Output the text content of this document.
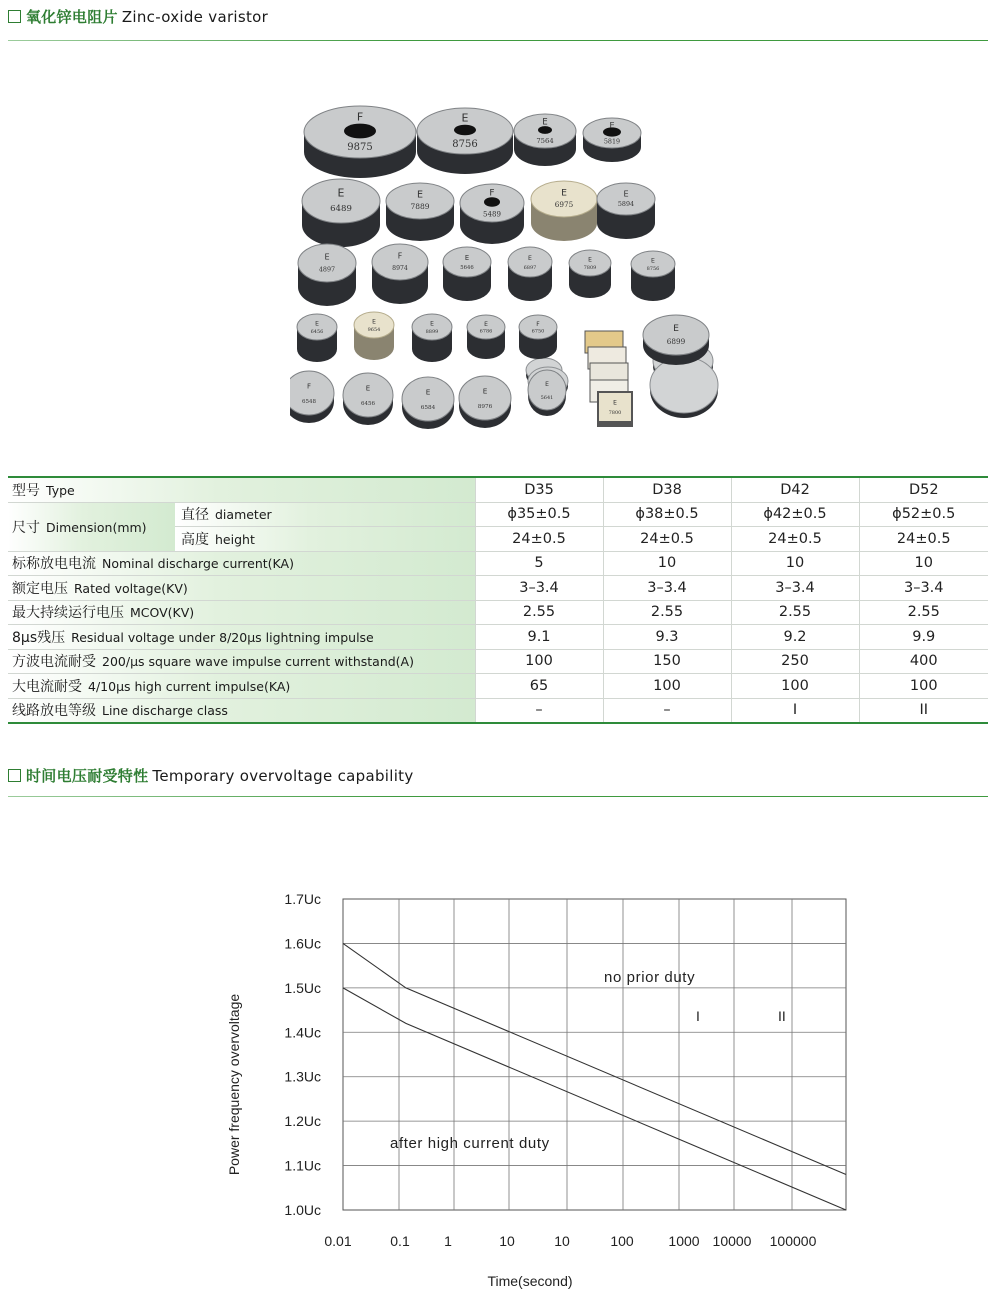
氧化锌电阻片 Zinc-oxide varistor
F
9875
E
8756
E
7564
E
5819
E
6489
E
7889
F
5489
E
6975
E
5894
E
4897
F
8974
E
5646
E
6897
E
7809
E
8756
E
6456
E
9654
E
8899
E
6786
F
6750	E
6899
F
6548
E
6456
E
6584
E
8976
E
5641
E
7800
型号 Type		D35	D38	D42	D52
尺寸 Dimension(mm)	直径 diameter	ϕ35±0.5	ϕ38±0.5	ϕ42±0.5	ϕ52±0.5
	高度 height	24±0.5	24±0.5	24±0.5	24±0.5
标称放电电流 Nominal discharge current(KA)		5	10	10	10
额定电压 Rated voltage(KV)		3–3.4	3–3.4	3–3.4	3–3.4
最大持续运行电压 MCOV(KV)		2.55	2.55	2.55	2.55
8μs残压 Residual voltage under 8/20μs lightning impulse		9.1	9.3	9.2	9.9
方波电流耐受 200/μs square wave impulse current withstand(A)		100	150	250	400
大电流耐受 4/10μs high current impulse(KA)		65	100	100	100
线路放电等级 Line discharge class		–	–	I	II
时间电压耐受特性 Temporary overvoltage capability
1.0Uc
1.1Uc
1.2Uc
1.3Uc
1.4Uc
1.5Uc
1.6Uc
1.7Uc
0.01	0.1 1	10	10	100 1000 10000 100000
no prior duty
after high current duty
I	II
Time(second)
Power frequency overvoltage
